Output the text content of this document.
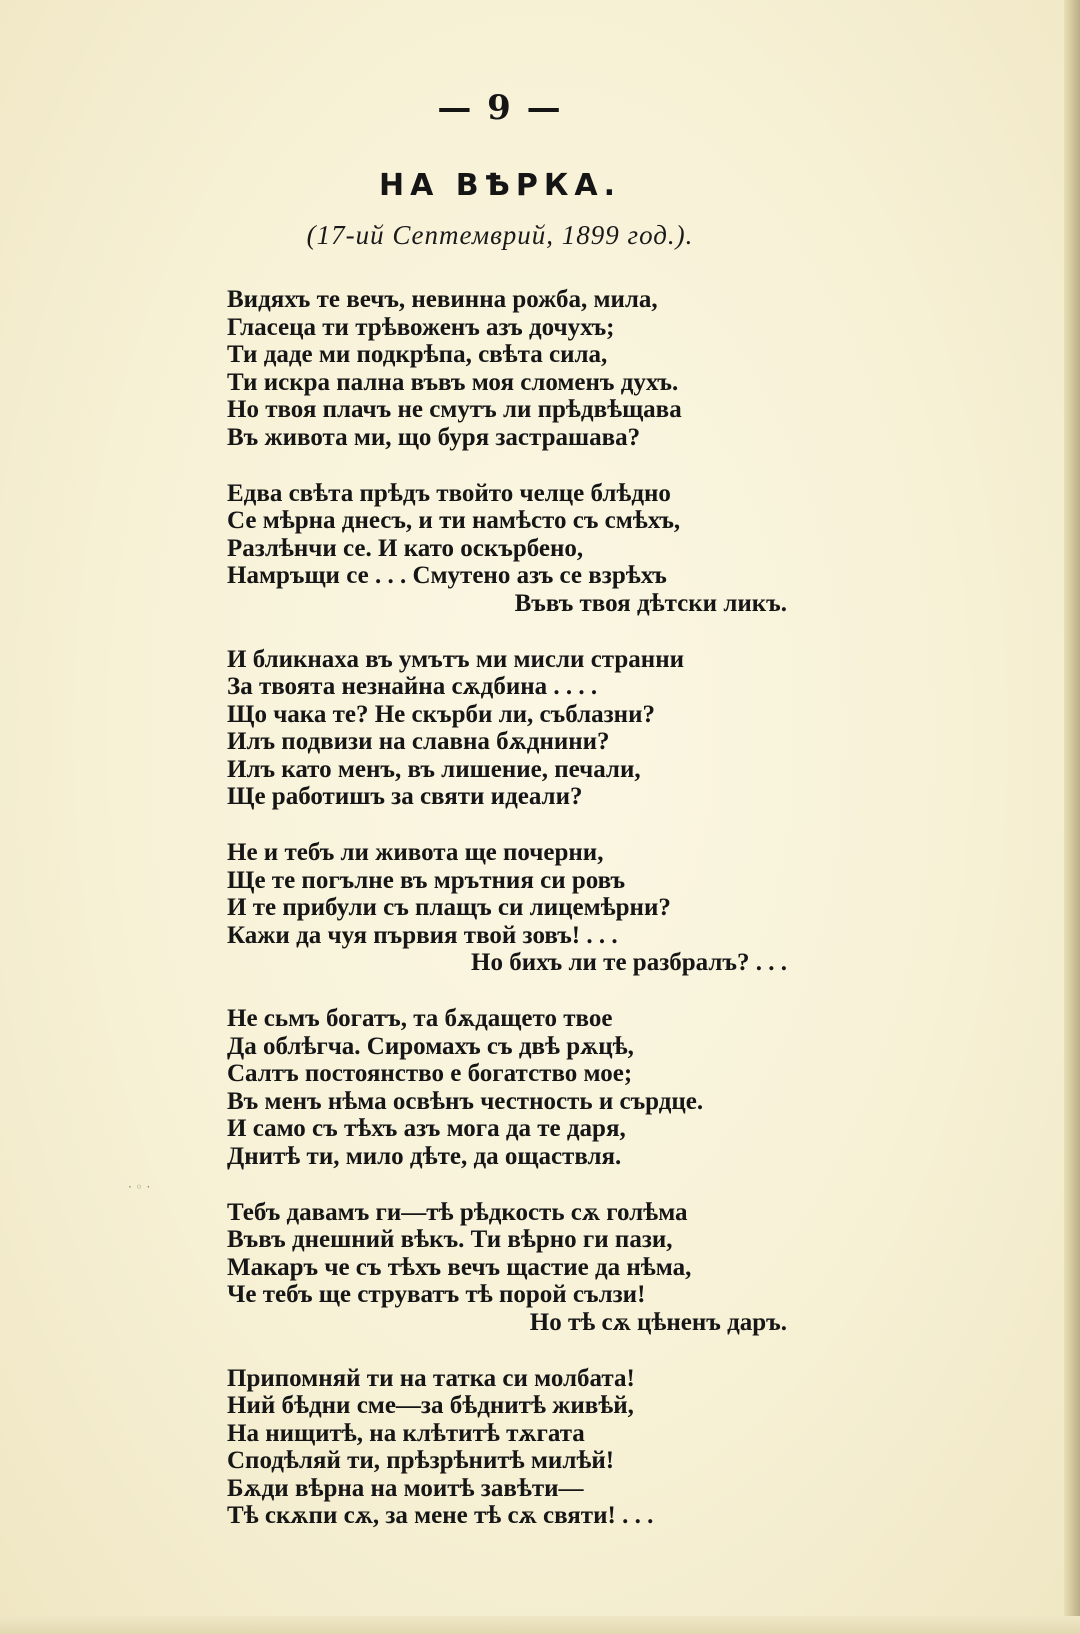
— 9 —
НА ВѢРКА.
(17-ий Септемврий, 1899 год.).
Видяхъ те вечъ, невинна рожба, мила,
Гласеца ти трѣвоженъ азъ дочухъ;
Ти даде ми подкрѣпа, свѣта сила,
Ти искра пална въвъ моя сломенъ духъ.
Но твоя плачъ не смутъ ли прѣдвѣщава
Въ живота ми, що буря застрашава?
Едва свѣта прѣдъ твойто челце блѣдно
Се мѣрна днесъ, и ти намѣсто съ смѣхъ,
Разлѣнчи се. И като оскърбено,
Намръщи се . . . Смутено азъ се взрѣхъ
Въвъ твоя дѣтски ликъ.
И бликнаха въ умътъ ми мисли странни
За твоята незнайна сѫдбина . . . .
Що чака те? Не скърби ли, съблазни?
Илъ подвизи на славна бѫднини?
Илъ като менъ, въ лишение, печали,
Ще работишъ за святи идеали?
Не и тебъ ли живота ще почерни,
Ще те погълне въ мрътния си ровъ
И те прибули съ плащъ си лицемѣрни?
Кажи да чуя първия твой зовъ! . . .
Но бихъ ли те разбралъ? . . .
Не сьмъ богатъ, та бѫдащето твое
Да облѣгча. Сиромахъ съ двѣ рѫцѣ,
Салтъ постоянство е богатство мое;
Въ менъ нѣма освѣнъ честность и сърдце.
И само съ тѣхъ азъ мога да те даря,
Днитѣ ти, мило дѣте, да ощаствля.
Тебъ давамъ ги—тѣ рѣдкость сѫ голѣма
Въвъ днешний вѣкъ. Ти вѣрно ги пази,
Макаръ че съ тѣхъ вечъ щастие да нѣма,
Че тебъ ще струватъ тѣ порой сълзи!
Но тѣ сѫ цѣненъ даръ.
Припомняй ти на татка си молбата!
Ний бѣдни сме—за бѣднитѣ живѣй,
На нищитѣ, на клѣтитѣ тѫгата
Сподѣляй ти, прѣзрѣнитѣ милѣй!
Бѫди вѣрна на моитѣ завѣти—
Тѣ скѫпи сѫ, за мене тѣ сѫ святи! . . .
· ◦ ·
